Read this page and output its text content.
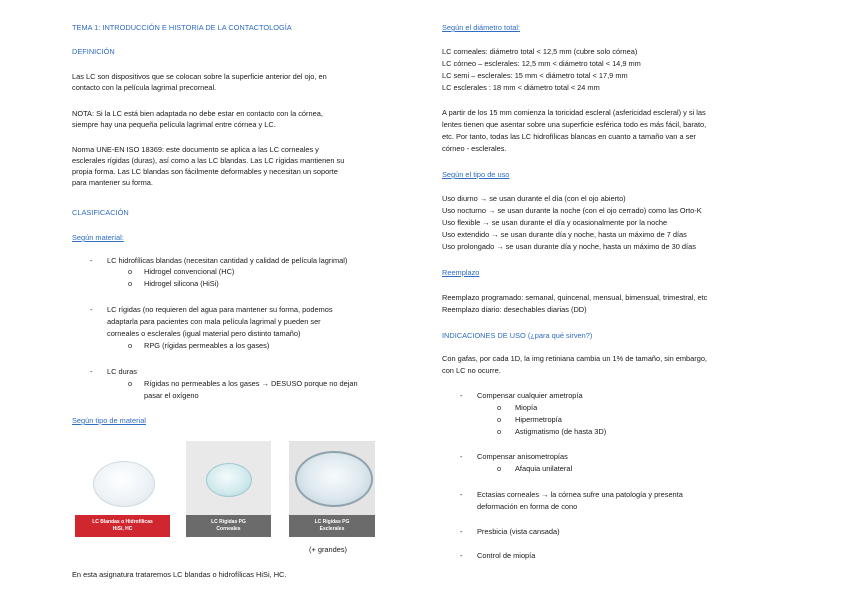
TEMA 1: INTRODUCCIÓN E HISTORIA DE LA CONTACTOLOGÍA
DEFINICIÓN
Las LC son dispositivos que se colocan sobre la superficie anterior del ojo, en
contacto con la película lagrimal precorneal.
NOTA: Si la LC está bien adaptada no debe estar en contacto con la córnea,
siempre hay una pequeña película lagrimal entre córnea y LC.
Norma UNE-EN ISO 18369: este documento se aplica a las LC corneales y
esclerales rígidas (duras), así como a las LC blandas. Las LC rígidas mantienen su
propia forma. Las LC blandas son fácilmente deformables y necesitan un soporte
para mantener su forma.
CLASIFICACIÓN
Según material:
- LC hidrofílicas blandas (necesitan cantidad y calidad de película lagrimal)
o Hidrogel convencional (HC)
o Hidrogel silicona (HiSi)
- LC rígidas (no requieren del agua para mantener su forma, podemos
adaptarla para pacientes con mala película lagrimal y pueden ser
corneales o esclerales (igual material pero distinto tamaño)
o RPG (rígidas permeables a los gases)
- LC duras
o Rígidas no permeables a los gases → DESUSO porque no dejan
pasar el oxígeno
Según tipo de material
LC Blandas o Hidrofílicas
HiSi, HC
LC Rígidas PG
Corneales
LC Rígidas PG
Esclerales
(+ grandes)
En esta asignatura trataremos LC blandas o hidrofílicas HiSi, HC.
Según el diámetro total:
LC corneales: diámetro total < 12,5 mm (cubre solo córnea)
LC córneo – esclerales: 12,5 mm < diámetro total < 14,9 mm
LC semi – esclerales: 15 mm < diámetro total < 17,9 mm
LC esclerales : 18 mm < diámetro total < 24 mm
A partir de los 15 mm comienza la toricidad escleral (asfericidad escleral) y si las
lentes tienen que asentar sobre una superficie esférica todo es más fácil, barato,
etc. Por tanto, todas las LC hidrofílicas blancas en cuanto a tamaño van a ser
córneo - esclerales.
Según el tipo de uso
Uso diurno → se usan durante el día (con el ojo abierto)
Uso nocturno → se usan durante la noche (con el ojo cerrado) como las Orto-K
Uso flexible → se usan durante el día y ocasionalmente por la noche
Uso extendido → se usan durante día y noche, hasta un máximo de 7 días
Uso prolongado → se usan durante día y noche, hasta un máximo de 30 días
Reemplazo
Reemplazo programado: semanal, quincenal, mensual, bimensual, trimestral, etc
Reemplazo diario: desechables diarias (DD)
INDICACIONES DE USO (¿para qué sirven?)
Con gafas, por cada 1D, la img retiniana cambia un 1% de tamaño, sin embargo,
con LC no ocurre.
- Compensar cualquier ametropía
o Miopía
o Hipermetropía
o Astigmatismo (de hasta 3D)
- Compensar anisometropías
o Afaquia unilateral
- Ectasias corneales → la córnea sufre una patología y presenta
deformación en forma de cono
- Presbicia (vista cansada)
- Control de miopía
